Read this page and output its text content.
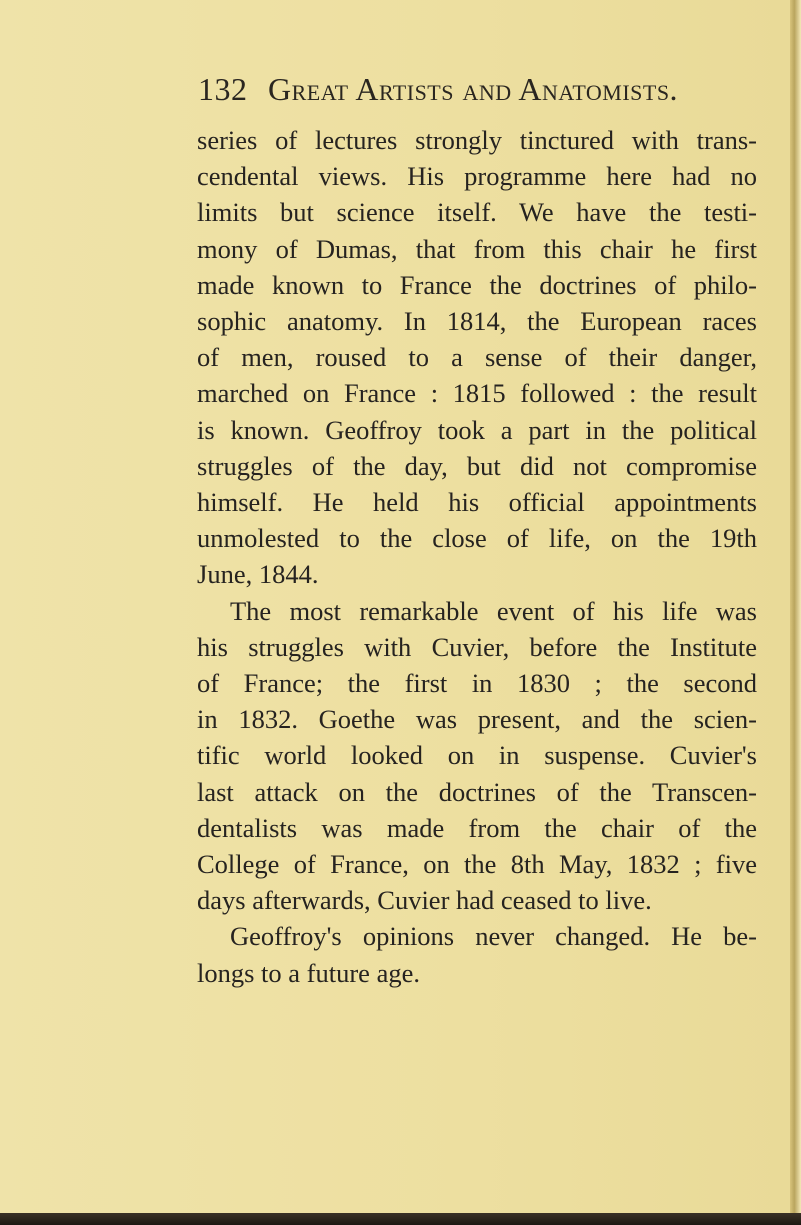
132 Great Artists and Anatomists.
series of lectures strongly tinctured with trans-
cendental views. His programme here had no
limits but science itself. We have the testi-
mony of Dumas, that from this chair he first
made known to France the doctrines of philo-
sophic anatomy. In 1814, the European races
of men, roused to a sense of their danger,
marched on France : 1815 followed : the result
is known. Geoffroy took a part in the political
struggles of the day, but did not compromise
himself. He held his official appointments
unmolested to the close of life, on the 19th
June, 1844.
The most remarkable event of his life was
his struggles with Cuvier, before the Institute
of France; the first in 1830 ; the second
in 1832. Goethe was present, and the scien-
tific world looked on in suspense. Cuvier's
last attack on the doctrines of the Transcen-
dentalists was made from the chair of the
College of France, on the 8th May, 1832 ; five
days afterwards, Cuvier had ceased to live.
Geoffroy's opinions never changed. He be-
longs to a future age.
